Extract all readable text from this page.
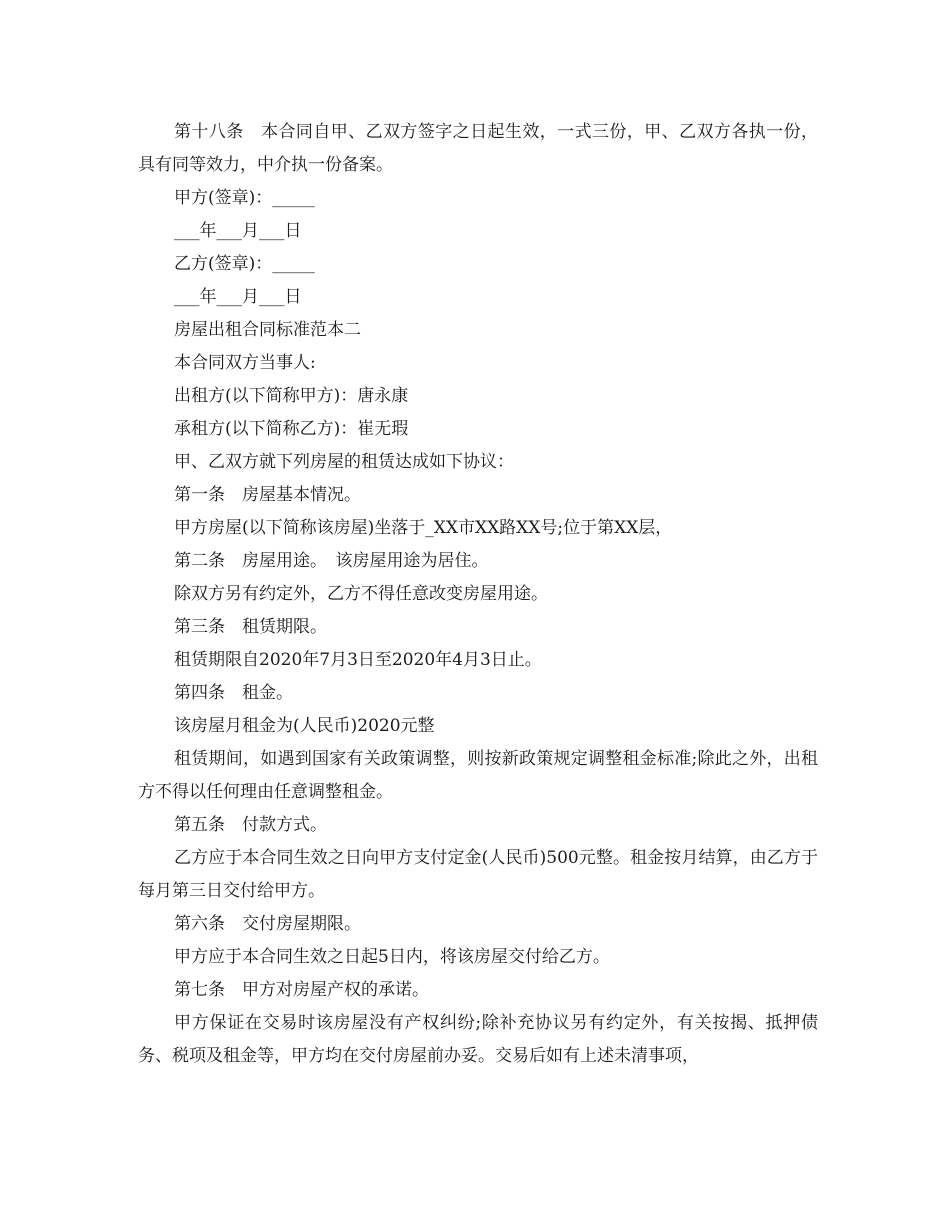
第十八条　本合同自甲、乙双方签字之日起生效，一式三份，甲、乙双方各执一份，具有同等效力，中介执一份备案。

甲方(签章)：_____

___年___月___日

乙方(签章)：_____

___年___月___日

房屋出租合同标准范本二

本合同双方当事人:

出租方(以下简称甲方)：唐永康

承租方(以下简称乙方)：崔无瑕

甲、乙双方就下列房屋的租赁达成如下协议：

第一条　房屋基本情况。

甲方房屋(以下简称该房屋)坐落于_XX市XX路XX号;位于第XX层，

第二条　房屋用途。　该房屋用途为居住。

除双方另有约定外，乙方不得任意改变房屋用途。

第三条　租赁期限。

租赁期限自2020年7月3日至2020年4月3日止。

第四条　租金。

该房屋月租金为(人民币)2020元整

租赁期间，如遇到国家有关政策调整，则按新政策规定调整租金标准;除此之外，出租方不得以任何理由任意调整租金。

第五条　付款方式。

乙方应于本合同生效之日向甲方支付定金(人民币)500元整。租金按月结算，由乙方于每月第三日交付给甲方。

第六条　交付房屋期限。

甲方应于本合同生效之日起5日内，将该房屋交付给乙方。

第七条　甲方对房屋产权的承诺。

甲方保证在交易时该房屋没有产权纠纷;除补充协议另有约定外，有关按揭、抵押债务、税项及租金等，甲方均在交付房屋前办妥。交易后如有上述未清事项，
